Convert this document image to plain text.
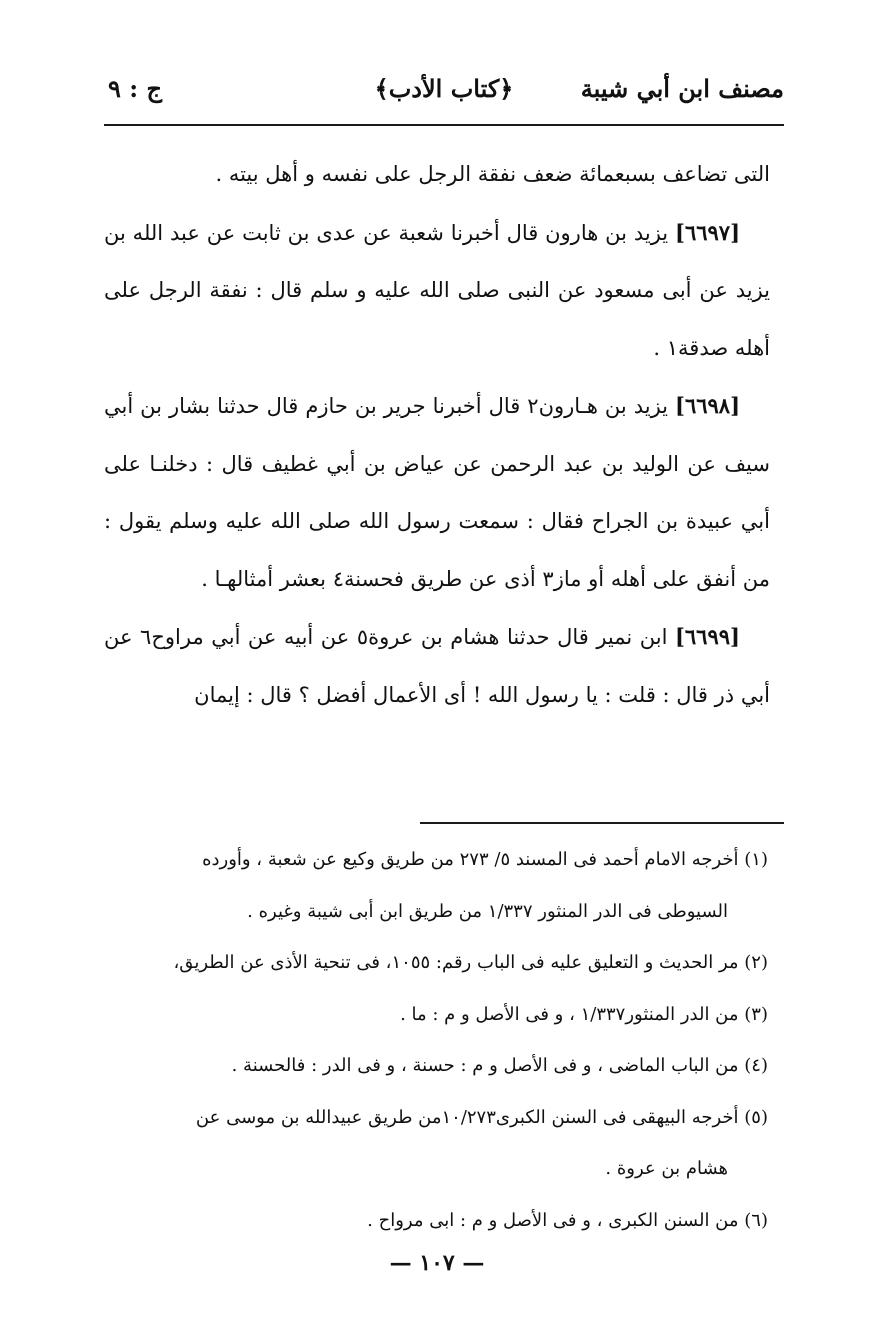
مصنف ابن أبي شيبة
﴿كتاب الأدب﴾
ج : ٩

التى تضاعف بسبعمائة ضعف نفقة الرجل على نفسه و أهل بيته .

[٦٦٩٧] يزيد بن هارون قال أخبرنا شعبة عن عدى بن ثابت عن عبد الله بن يزيد عن أبى مسعود عن النبى صلى الله عليه و سلم قال : نفقة الرجل على أهله صدقة١ .

[٦٦٩٨] يزيد بن هـارون٢ قال أخبرنا جرير بن حازم قال حدثنا بشار بن أبي سيف عن الوليد بن عبد الرحمن عن عياض بن أبي غطيف قال : دخلنـا على أبي عبيدة بن الجراح فقال : سمعت رسول الله صلى الله عليه وسلم يقول : من أنفق على أهله أو ماز٣ أذى عن طريق فحسنة٤ بعشر أمثالهـا .

[٦٦٩٩] ابن نمير قال حدثنا هشام بن عروة٥ عن أبيه عن أبي مراوح٦ عن أبي ذر قال : قلت : يا رسول الله ! أى الأعمال أفضل ؟ قال : إيمان

(١) أخرجه الامام أحمد فى المسند ٥/ ٢٧٣ من طريق وكيع عن شعبة ، وأورده
السيوطى فى الدر المنثور ١/٣٣٧ من طريق ابن أبى شيبة وغيره .
(٢) مر الحديث و التعليق عليه فى الباب رقم: ١٠٥٥، فى تنحية الأذى عن الطريق،
(٣) من الدر المنثور١/٣٣٧ ، و فى الأصل و م : ما .
(٤) من الباب الماضى ، و فى الأصل و م : حسنة ، و فى الدر : فالحسنة .
(٥) أخرجه البيهقى فى السنن الكبرى١٠/٢٧٣من طريق عبيدالله بن موسى عن
هشام بن عروة .
(٦) من السنن الكبرى ، و فى الأصل و م : ابى مرواح .
— ١٠٧ —
